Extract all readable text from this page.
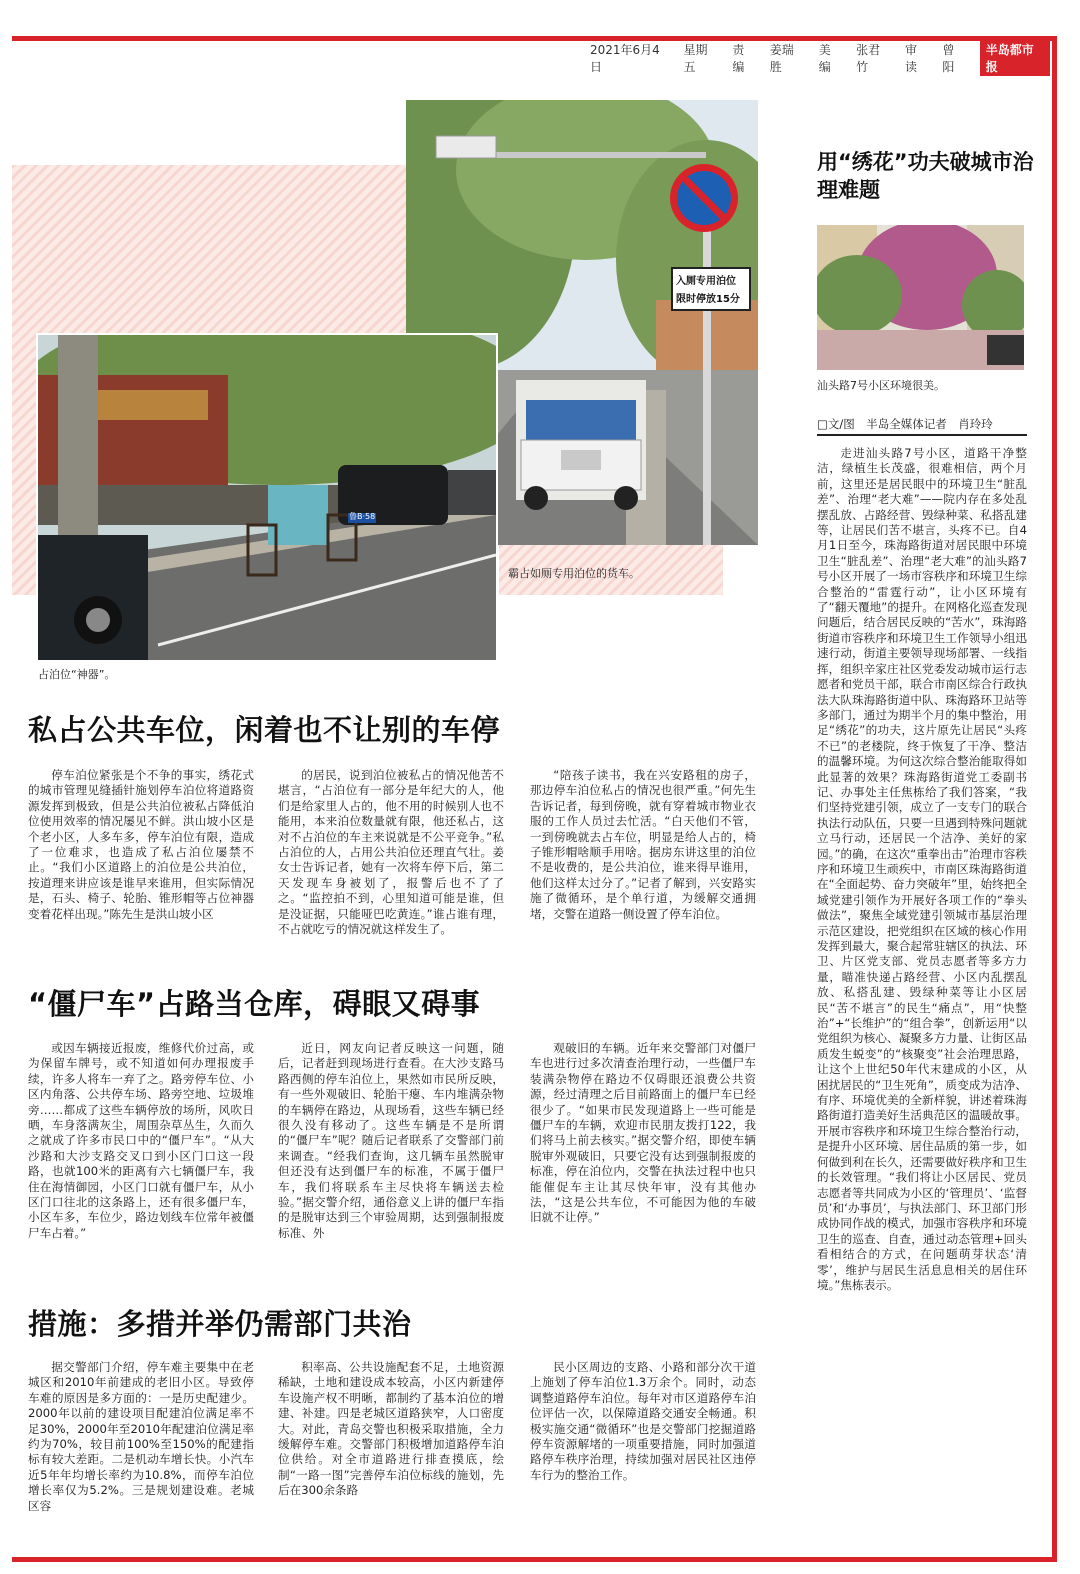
2021年6月4日
星期五
责编
姜瑞胜
美编
张君竹
审读
曾阳
半岛都市报
入厕专用泊位
限时停放15分
霸占如厕专用泊位的货车。
鲁B·58
占泊位“神器”。
私占公共车位，闲着也不让别的车停

停车泊位紧张是个不争的事实，绣花式的城市管理见缝插针施划停车泊位将道路资源发挥到极致，但是公共泊位被私占降低泊位使用效率的情况屡见不鲜。洪山坡小区是个老小区，人多车多，停车泊位有限，造成了一位难求，也造成了私占泊位屡禁不止。“我们小区道路上的泊位是公共泊位，按道理来讲应该是谁早来谁用，但实际情况是，石头、椅子、轮胎、锥形帽等占位神器变着花样出现。”陈先生是洪山坡小区

的居民，说到泊位被私占的情况他苦不堪言，“占泊位有一部分是年纪大的人，他们是给家里人占的，他不用的时候别人也不能用，本来泊位数量就有限，他还私占，这对不占泊位的车主来说就是不公平竞争。”私占泊位的人，占用公共泊位还理直气壮。姜女士告诉记者，她有一次将车停下后，第二天发现车身被划了，报警后也不了了之。“监控拍不到，心里知道可能是谁，但是没证据，只能哑巴吃黄连。”谁占谁有理，不占就吃亏的情况就这样发生了。

“陪孩子读书，我在兴安路租的房子，那边停车泊位私占的情况也很严重。”何先生告诉记者，每到傍晚，就有穿着城市物业衣服的工作人员过去忙活。“白天他们不管，一到傍晚就去占车位，明显是给人占的，椅子锥形帽啥顺手用啥。据房东讲这里的泊位不是收费的，是公共泊位，谁来得早谁用，他们这样太过分了。”记者了解到，兴安路实施了微循环，是个单行道，为缓解交通拥堵，交警在道路一侧设置了停车泊位。

“僵尸车”占路当仓库，碍眼又碍事

或因车辆接近报废，维修代价过高，或为保留车牌号，或不知道如何办理报废手续，许多人将车一弃了之。路旁停车位、小区内角落、公共停车场、路旁空地、垃圾堆旁……都成了这些车辆停放的场所，风吹日晒，车身落满灰尘，周围杂草丛生，久而久之就成了许多市民口中的“僵尸车”。“从大沙路和大沙支路交叉口到小区门口这一段路，也就100米的距离有六七辆僵尸车，我住在海情御园，小区门口就有僵尸车，从小区门口往北的这条路上，还有很多僵尸车，小区车多，车位少，路边划线车位常年被僵尸车占着。”

近日，网友向记者反映这一问题，随后，记者赶到现场进行查看。在大沙支路马路西侧的停车泊位上，果然如市民所反映，有一些外观破旧、轮胎干瘪、车内堆满杂物的车辆停在路边，从现场看，这些车辆已经很久没有移动了。这些车辆是不是所谓的“僵尸车”呢？随后记者联系了交警部门前来调查。“经我们查询，这几辆车虽然脱审但还没有达到僵尸车的标准，不属于僵尸车，我们将联系车主尽快将车辆送去检验。”据交警介绍，通俗意义上讲的僵尸车指的是脱审达到三个审验周期，达到强制报废标准、外

观破旧的车辆。近年来交警部门对僵尸车也进行过多次清查治理行动，一些僵尸车装满杂物停在路边不仅碍眼还浪费公共资源，经过清理之后目前路面上的僵尸车已经很少了。“如果市民发现道路上一些可能是僵尸车的车辆，欢迎市民朋友拨打122，我们将马上前去核实。”据交警介绍，即使车辆脱审外观破旧，只要它没有达到强制报废的标准，停在泊位内，交警在执法过程中也只能催促车主让其尽快年审，没有其他办法，“这是公共车位，不可能因为他的车破旧就不让停。”

措施：多措并举仍需部门共治

据交警部门介绍，停车难主要集中在老城区和2010年前建成的老旧小区。导致停车难的原因是多方面的：一是历史配建少。2000年以前的建设项目配建泊位满足率不足30%，2000年至2010年配建泊位满足率约为70%，较目前100%至150%的配建指标有较大差距。二是机动车增长快。小汽车近5年年均增长率约为10.8%，而停车泊位增长率仅为5.2%。三是规划建设难。老城区容

积率高、公共设施配套不足，土地资源稀缺，土地和建设成本较高，小区内新建停车设施产权不明晰，都制约了基本泊位的增建、补建。四是老城区道路狭窄，人口密度大。对此，青岛交警也积极采取措施，全力缓解停车难。交警部门积极增加道路停车泊位供给。对全市道路进行排查摸底，绘制“一路一图”完善停车泊位标线的施划，先后在300余条路

民小区周边的支路、小路和部分次干道上施划了停车泊位1.3万余个。同时，动态调整道路停车泊位。每年对市区道路停车泊位评估一次，以保障道路交通安全畅通。积极实施交通“微循环”也是交警部门挖掘道路停车资源解堵的一项重要措施，同时加强道路停车秩序治理，持续加强对居民社区违停车行为的整治工作。

用“绣花”功夫破城市治理难题
汕头路7号小区环境很美。
□文/图　半岛全媒体记者　肖玲玲

走进汕头路7号小区，道路干净整洁，绿植生长茂盛，很难相信，两个月前，这里还是居民眼中的环境卫生“脏乱差”、治理“老大难”——院内存在多处乱摆乱放、占路经营、毁绿种菜、私搭乱建等，让居民们苦不堪言，头疼不已。自4月1日至今，珠海路街道对居民眼中环境卫生“脏乱差”、治理“老大难”的汕头路7号小区开展了一场市容秩序和环境卫生综合整治的“雷霆行动”，让小区环境有了“翻天覆地”的提升。在网格化巡查发现问题后，结合居民反映的“苦水”，珠海路街道市容秩序和环境卫生工作领导小组迅速行动，街道主要领导现场部署、一线指挥，组织辛家庄社区党委发动城市运行志愿者和党员干部，联合市南区综合行政执法大队珠海路街道中队、珠海路环卫站等多部门，通过为期半个月的集中整治，用足“绣花”的功夫，这片原先让居民“头疼不已”的老楼院，终于恢复了干净、整洁的温馨环境。为何这次综合整治能取得如此显著的效果？珠海路街道党工委副书记、办事处主任焦栋给了我们答案，“我们坚持党建引领，成立了一支专门的联合执法行动队伍，只要一旦遇到特殊问题就立马行动，还居民一个洁净、美好的家园。”的确，在这次“重拳出击”治理市容秩序和环境卫生顽疾中，市南区珠海路街道在“全面起势、奋力突破年”里，始终把全域党建引领作为开展好各项工作的“拳头做法”，聚焦全域党建引领城市基层治理示范区建设，把党组织在区域的核心作用发挥到最大，聚合起常驻辖区的执法、环卫、片区党支部、党员志愿者等多方力量，瞄准快递占路经营、小区内乱摆乱放、私搭乱建、毁绿种菜等让小区居民“苦不堪言”的民生“痛点”，用“快整治”+“长维护”的“组合拳”，创新运用“以党组织为核心、凝聚多方力量、让街区品质发生蜕变”的“核聚变”社会治理思路，让这个上世纪50年代末建成的小区，从困扰居民的“卫生死角”，质变成为洁净、有序、环境优美的全新样貌，讲述着珠海路街道打造美好生活典范区的温暖故事。开展市容秩序和环境卫生综合整治行动，是提升小区环境、居住品质的第一步，如何做到利在长久，还需要做好秩序和卫生的长效管理。“我们将让小区居民、党员志愿者等共同成为小区的‘管理员’、‘监督员’和‘办事员’，与执法部门、环卫部门形成协同作战的模式，加强市容秩序和环境卫生的巡查、自查，通过动态管理+回头看相结合的方式，在问题萌芽状态‘清零’，维护与居民生活息息相关的居住环境。”焦栋表示。
